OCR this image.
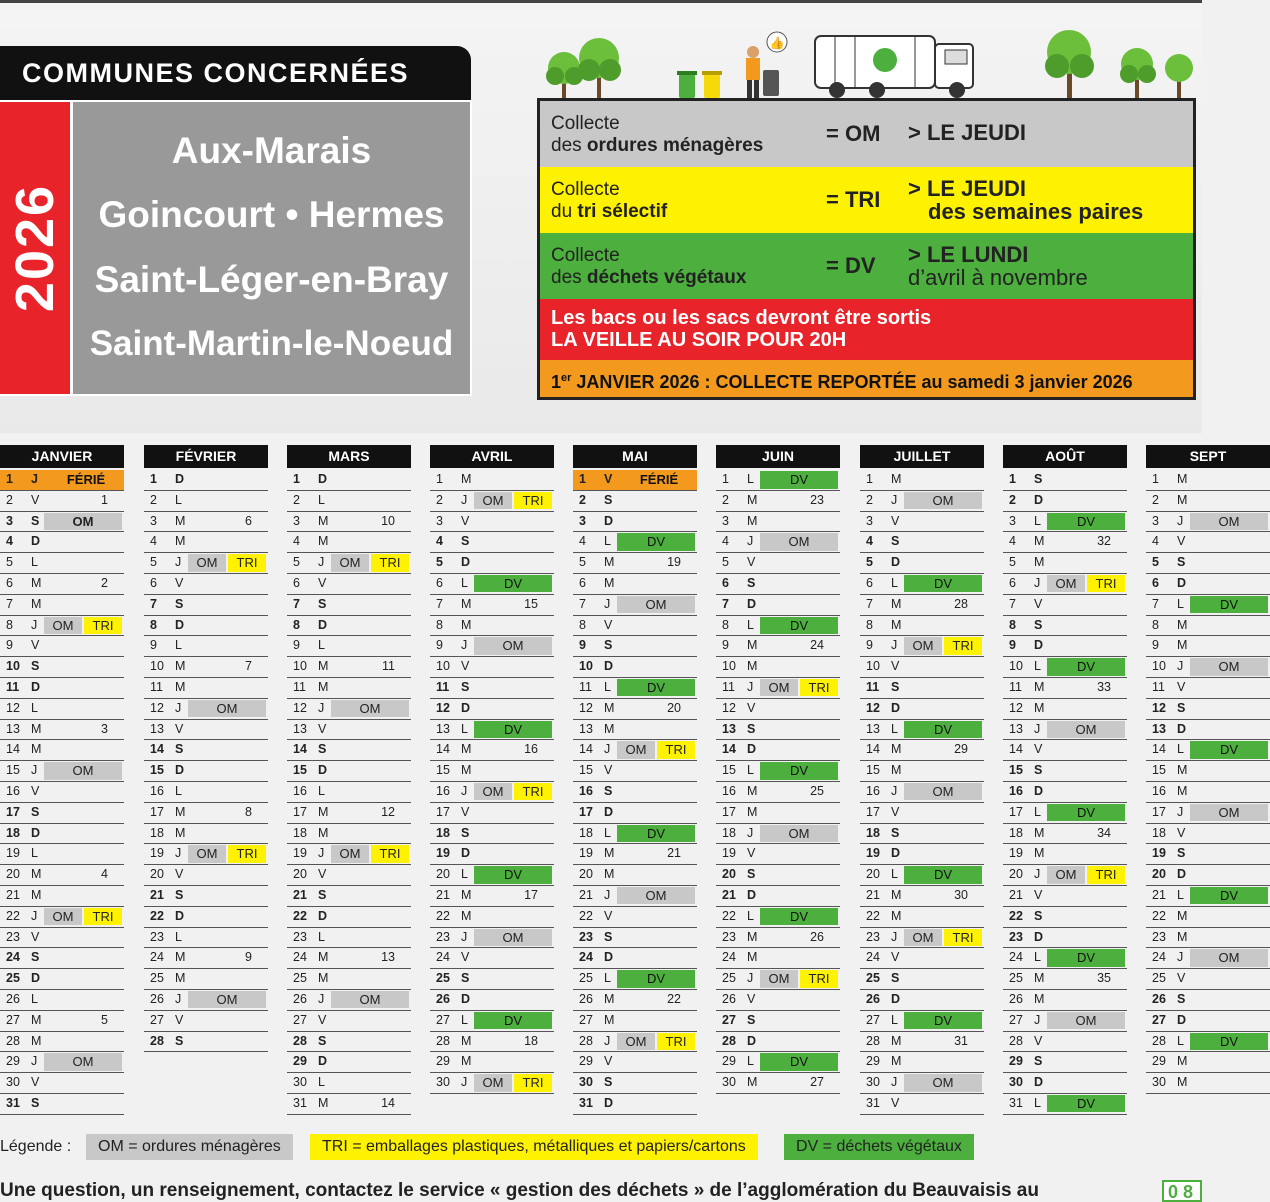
COMMUNES CONCERNÉES
2026
Aux-Marais
Goincourt • Hermes
Saint-Léger-en-Bray
Saint-Martin-le-Noeud
👍
Collecte
des ordures ménagères	= OM > LE JEUDI
Collecte
du tri sélectif	= TRI > LE JEUDI
des semaines paires
Collecte
des déchets végétaux	= DV > LE LUNDI
d’avril à novembre
Les bacs ou les sacs devront être sortis
LA VEILLE AU SOIR POUR 20H
1er JANVIER 2026 : COLLECTE REPORTÉE au samedi 3 janvier 2026
JANVIER
1 J	FÉRIÉ
2 V	1
3 S	OM
4 D
5 L
6 M	2
7 M
8 J	OM	TRI
9 V
10 S
11 D
12 L
13 M	3
14 M
15 J	OM
16 V
17 S
18 D
19 L
20 M	4
21 M
22 J	OM	TRI
23 V
24 S
25 D
26 L
27 M	5
28 M
29 J	OM
30 V
31 S
FÉVRIER
1 D
2 L
3 M	6
4 M
5 J	OM	TRI
6 V
7 S
8 D
9 L
10 M	7
11 M
12 J	OM
13 V
14 S
15 D
16 L
17 M	8
18 M
19 J	OM	TRI
20 V
21 S
22 D
23 L
24 M	9
25 M
26 J	OM
27 V
28 S
MARS
1 D
2 L
3 M	10
4 M
5 J	OM	TRI
6 V
7 S
8 D
9 L
10 M	11
11 M
12 J	OM
13 V
14 S
15 D
16 L
17 M	12
18 M
19 J	OM	TRI
20 V
21 S
22 D
23 L
24 M	13
25 M
26 J	OM
27 V
28 S
29 D
30 L
31 M	14
AVRIL
1 M
2 J	OM	TRI
3 V
4 S
5 D
6 L	DV
7 M	15
8 M
9 J	OM
10 V
11 S
12 D
13 L	DV
14 M	16
15 M
16 J	OM	TRI
17 V
18 S
19 D
20 L	DV
21 M	17
22 M
23 J	OM
24 V
25 S
26 D
27 L	DV
28 M	18
29 M
30 J	OM	TRI
MAI
1 V	FÉRIÉ
2 S
3 D
4 L	DV
5 M	19
6 M
7 J	OM
8 V
9 S
10 D
11 L	DV
12 M	20
13 M
14 J	OM	TRI
15 V
16 S
17 D
18 L	DV
19 M	21
20 M
21 J	OM
22 V
23 S
24 D
25 L	DV
26 M	22
27 M
28 J	OM	TRI
29 V
30 S
31 D
JUIN
1 L	DV
2 M	23
3 M
4 J	OM
5 V
6 S
7 D
8 L	DV
9 M	24
10 M
11 J	OM	TRI
12 V
13 S
14 D
15 L	DV
16 M	25
17 M
18 J	OM
19 V
20 S
21 D
22 L	DV
23 M	26
24 M
25 J	OM	TRI
26 V
27 S
28 D
29 L	DV
30 M	27
JUILLET
1 M
2 J	OM
3 V
4 S
5 D
6 L	DV
7 M	28
8 M
9 J	OM	TRI
10 V
11 S
12 D
13 L	DV
14 M	29
15 M
16 J	OM
17 V
18 S
19 D
20 L	DV
21 M	30
22 M
23 J	OM	TRI
24 V
25 S
26 D
27 L	DV
28 M	31
29 M
30 J	OM
31 V
AOÛT
1 S
2 D
3 L	DV
4 M	32
5 M
6 J	OM	TRI
7 V
8 S
9 D
10 L	DV
11 M	33
12 M
13 J	OM
14 V
15 S
16 D
17 L	DV
18 M	34
19 M
20 J	OM	TRI
21 V
22 S
23 D
24 L	DV
25 M	35
26 M
27 J	OM
28 V
29 S
30 D
31 L	DV
SEPT
1 M
2 M
3 J	OM
4 V
5 S
6 D
7 L	DV
8 M
9 M
10 J	OM
11 V
12 S
13 D
14 L	DV
15 M
16 M
17 J	OM
18 V
19 S
20 D
21 L	DV
22 M
23 M
24 J	OM
25 V
26 S
27 D
28 L	DV
29 M
30 M
Légende :	OM = ordures ménagères	TRI = emballages plastiques, métalliques et papiers/cartons	DV = déchets végétaux
Une question, un renseignement, contactez le service « gestion des déchets » de l’agglomération du Beauvaisis au	0 8
